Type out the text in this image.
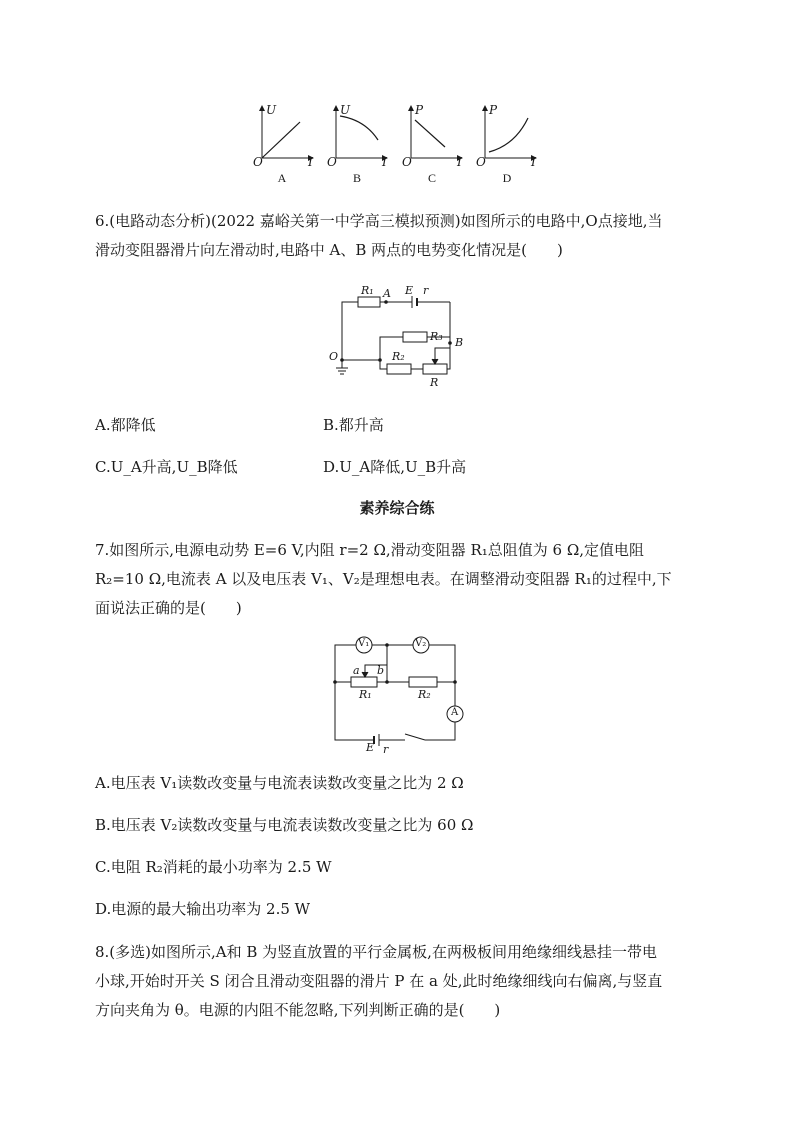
U
O	I
A
U
O	I
B
P
O	I
C
P
O	I
D
6.(电路动态分析)(2022 嘉峪关第一中学高三模拟预测)如图所示的电路中,O点接地,当
滑动变阻器滑片向左滑动时,电路中 A、B 两点的电势变化情况是(　　)
R₁ A E r
R₃ B
O	R₂
R
A.都降低	B.都升高
C.U_A升高,U_B降低	D.U_A降低,U_B升高
素养综合练
7.如图所示,电源电动势 E=6 V,内阻 r=2 Ω,滑动变阻器 R₁总阻值为 6 Ω,定值电阻
R₂=10 Ω,电流表 A 以及电压表 V₁、V₂是理想电表。在调整滑动变阻器 R₁的过程中,下
面说法正确的是(　　)
V₁	V₂
a b
R₁	R₂
A
E r
A.电压表 V₁读数改变量与电流表读数改变量之比为 2 Ω
B.电压表 V₂读数改变量与电流表读数改变量之比为 60 Ω
C.电阻 R₂消耗的最小功率为 2.5 W
D.电源的最大输出功率为 2.5 W
8.(多选)如图所示,A和 B 为竖直放置的平行金属板,在两极板间用绝缘细线悬挂一带电
小球,开始时开关 S 闭合且滑动变阻器的滑片 P 在 a 处,此时绝缘细线向右偏离,与竖直
方向夹角为 θ。电源的内阻不能忽略,下列判断正确的是(　　)
